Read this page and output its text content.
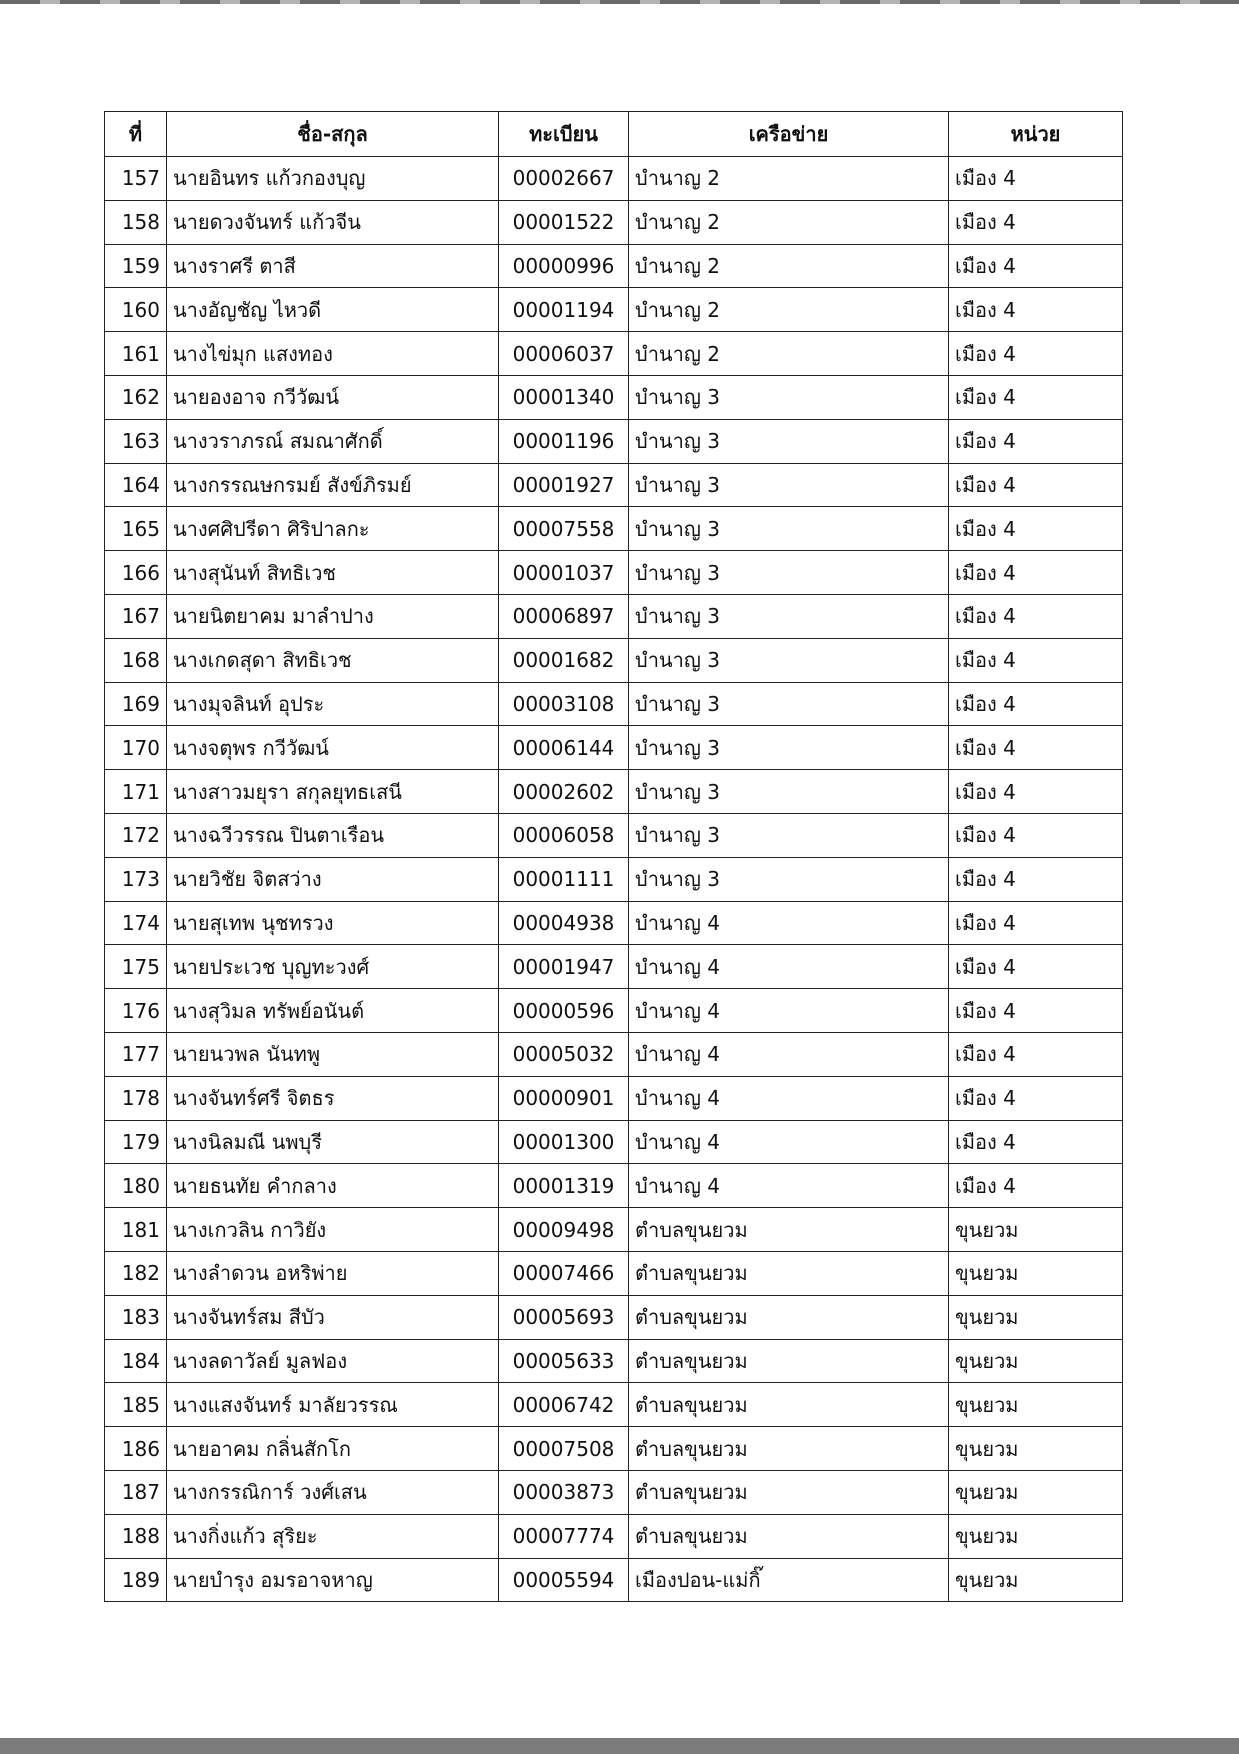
ที่	ชื่อ-สกุล	ทะเบียน	เครือข่าย	หน่วย
157	นายอินทร แก้วกองบุญ	00002667	บำนาญ 2	เมือง 4
158	นายดวงจันทร์ แก้วจีน	00001522	บำนาญ 2	เมือง 4
159	นางราศรี ตาสี	00000996	บำนาญ 2	เมือง 4
160	นางอัญชัญ ไหวดี	00001194	บำนาญ 2	เมือง 4
161	นางไข่มุก แสงทอง	00006037	บำนาญ 2	เมือง 4
162	นายองอาจ กวีวัฒน์	00001340	บำนาญ 3	เมือง 4
163	นางวราภรณ์ สมณาศักดิ์	00001196	บำนาญ 3	เมือง 4
164	นางกรรณษกรมย์ สังข์ภิรมย์	00001927	บำนาญ 3	เมือง 4
165	นางศศิปรีดา ศิริปาลกะ	00007558	บำนาญ 3	เมือง 4
166	นางสุนันท์ สิทธิเวช	00001037	บำนาญ 3	เมือง 4
167	นายนิตยาคม มาลำปาง	00006897	บำนาญ 3	เมือง 4
168	นางเกดสุดา สิทธิเวช	00001682	บำนาญ 3	เมือง 4
169	นางมุจลินท์ อุประ	00003108	บำนาญ 3	เมือง 4
170	นางจตุพร กวีวัฒน์	00006144	บำนาญ 3	เมือง 4
171	นางสาวมยุรา สกุลยุทธเสนี	00002602	บำนาญ 3	เมือง 4
172	นางฉวีวรรณ ปินตาเรือน	00006058	บำนาญ 3	เมือง 4
173	นายวิชัย จิตสว่าง	00001111	บำนาญ 3	เมือง 4
174	นายสุเทพ นุชทรวง	00004938	บำนาญ 4	เมือง 4
175	นายประเวช บุญทะวงศ์	00001947	บำนาญ 4	เมือง 4
176	นางสุวิมล ทรัพย์อนันต์	00000596	บำนาญ 4	เมือง 4
177	นายนวพล นันทพู	00005032	บำนาญ 4	เมือง 4
178	นางจันทร์ศรี จิตธร	00000901	บำนาญ 4	เมือง 4
179	นางนิลมณี นพบุรี	00001300	บำนาญ 4	เมือง 4
180	นายธนทัย คำกลาง	00001319	บำนาญ 4	เมือง 4
181	นางเกวลิน กาวิยัง	00009498	ตำบลขุนยวม	ขุนยวม
182	นางลำดวน อหริพ่าย	00007466	ตำบลขุนยวม	ขุนยวม
183	นางจันทร์สม สีบัว	00005693	ตำบลขุนยวม	ขุนยวม
184	นางลดาวัลย์ มูลฟอง	00005633	ตำบลขุนยวม	ขุนยวม
185	นางแสงจันทร์ มาลัยวรรณ	00006742	ตำบลขุนยวม	ขุนยวม
186	นายอาคม กลิ่นสักโก	00007508	ตำบลขุนยวม	ขุนยวม
187	นางกรรณิการ์ วงศ์เสน	00003873	ตำบลขุนยวม	ขุนยวม
188	นางกิ่งแก้ว สุริยะ	00007774	ตำบลขุนยวม	ขุนยวม
189	นายบำรุง อมรอาจหาญ	00005594	เมืองปอน-แม่กิ๊	ขุนยวม
